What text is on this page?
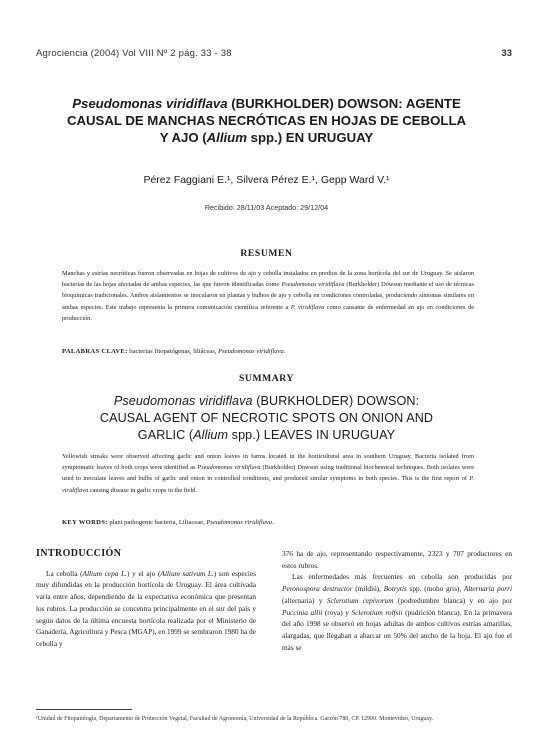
Agrociencia (2004) Vol VIII Nº 2 pág. 33 - 38	33
Pseudomonas viridiflava (BURKHOLDER) DOWSON: AGENTE
CAUSAL DE MANCHAS NECRÓTICAS EN HOJAS DE CEBOLLA
Y AJO (Allium spp.) EN URUGUAY
Pérez Faggiani E.¹, Silvera Pérez E.¹, Gepp Ward V.¹
Recibido: 28/11/03 Aceptado: 29/12/04
RESUMEN
Manchas y estrías necróticas fueron observadas en hojas de cultivos de ajo y cebolla instalados en predios de la zona hortícola del sur de Uruguay. Se aislaron bacterias de las hojas afectadas de ambas especies, las que fueron identificadas como Pseudomonas viridiflava (Burkholder) Dowson mediante el uso de técnicas bioquímicas tradicionales. Ambos aislamientos se inocularon en plantas y bulbos de ajo y cebolla en condiciones controladas, produciendo síntomas similares en ambas especies. Este trabajo representa la primera comunicación científica referente a P. viridiflava como causante de enfermedad en ajo en condiciones de producción.
PALABRAS CLAVE: bacterias fitopatógenas, liliáceas, Pseudomonas viridiflava.
SUMMARY
Pseudomonas viridiflava (BURKHOLDER) DOWSON:
CAUSAL AGENT OF NECROTIC SPOTS ON ONION AND
GARLIC (Allium spp.) LEAVES IN URUGUAY
Yellowish streaks were observed affecting garlic and onion leaves in farms located in the horticultural area in southern Uruguay. Bacteria isolated from symptomatic leaves of both crops were identified as Pseudomonas viridiflava (Burkholder) Dowson using traditional biochemical techniques. Both isolates were used to inoculate leaves and bulbs of garlic and onion in controlled conditions, and produced similar symptoms in both species. This is the first report of P. viridiflava causing disease in garlic crops in the field.
KEY WORDS: plant pathogenic bacteria, Liliaceae, Pseudomonas viridiflava.
INTRODUCCIÓN

La cebolla (Allium cepa L.) y el ajo (Allium sativum L.) son especies muy difundidas en la producción hortícola de Uruguay. El área cultivada varía entre años, dependiendo de la expectativa económica que presentan los rubros. La producción se concentra principalmente en el sur del país y según datos de la última encuesta hortícola realizada por el Ministerio de Ganadería, Agricultura y Pesca (MGAP), en 1999 se sembraron 1980 ha de cebolla y

376 ha de ajo, representando respectivamente, 2323 y 707 productores en estos rubros.

Las enfermedades más frecuentes en cebolla son producidas por Peronospora destructor (mildiú), Botrytis spp. (moho gris), Alternaria porri (alternaria) y Sclerotium cepivorum (podredumbre blanca) y en ajo por Puccinia allii (roya) y Sclerotium rolfsii (pudrición blanca). En la primavera del año 1998 se observó en hojas adultas de ambos cultivos estrías amarillas, alargadas, que llegaban a abarcar un 50% del ancho de la hoja. El ajo fue el más se

¹Unidad de Fitopatología, Departamento de Protección Vegetal, Facultad de Agronomía, Universidad de la República. Garzón 780, CP. 12900. Montevideo, Uruguay.
